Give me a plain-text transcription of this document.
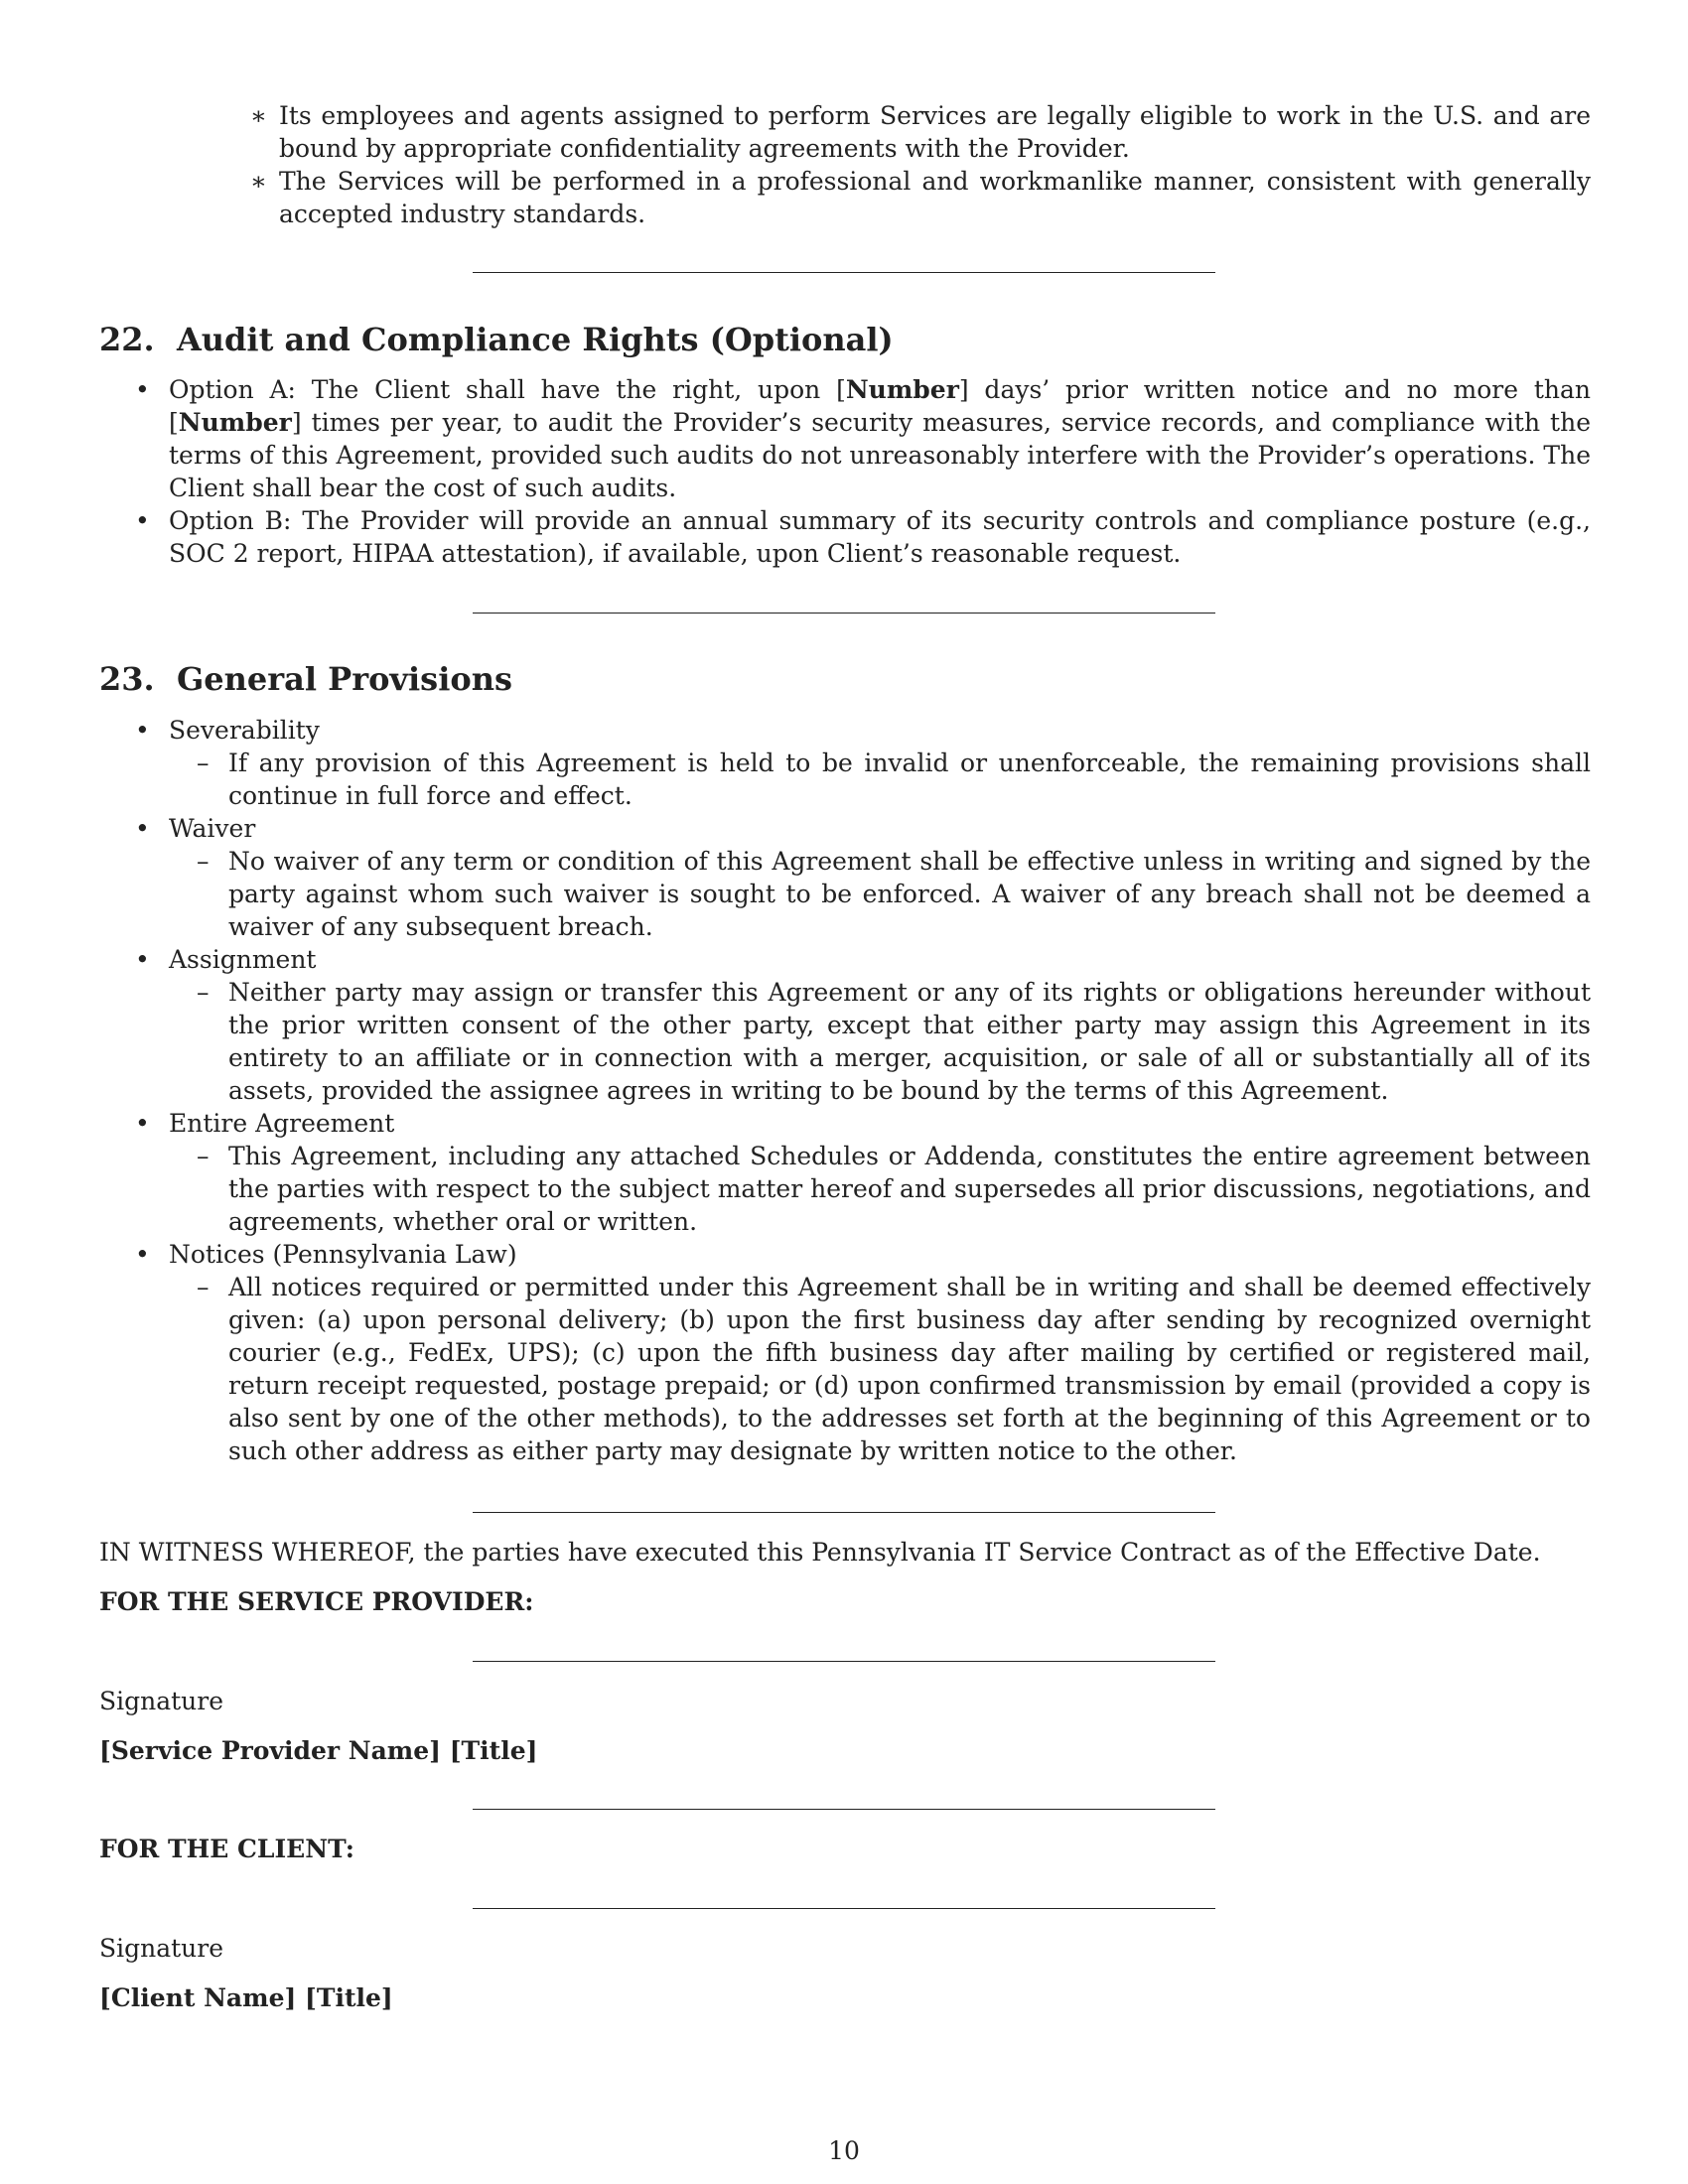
∗ Its employees and agents assigned to perform Services are legally eligible to work in the U.S. and are bound by appropriate confidentiality agreements with the Provider.
∗ The Services will be performed in a professional and workmanlike manner, consistent with generally accepted industry standards.
22. Audit and Compliance Rights (Optional)
• Option A: The Client shall have the right, upon [Number] days’ prior written notice and no more than [Number] times per year, to audit the Provider’s security measures, service records, and compliance with the terms of this Agreement, provided such audits do not unreasonably interfere with the Provider’s operations. The Client shall bear the cost of such audits.
• Option B: The Provider will provide an annual summary of its security controls and compliance posture (e.g., SOC 2 report, HIPAA attestation), if available, upon Client’s reasonable request.
23. General Provisions
• Severability
– If any provision of this Agreement is held to be invalid or unenforceable, the remaining provisions shall continue in full force and effect.
• Waiver
– No waiver of any term or condition of this Agreement shall be effective unless in writing and signed by the party against whom such waiver is sought to be enforced. A waiver of any breach shall not be deemed a waiver of any subsequent breach.
• Assignment
– Neither party may assign or transfer this Agreement or any of its rights or obligations hereunder without the prior written consent of the other party, except that either party may assign this Agreement in its entirety to an affiliate or in connection with a merger, acquisition, or sale of all or substantially all of its assets, provided the assignee agrees in writing to be bound by the terms of this Agreement.
• Entire Agreement
– This Agreement, including any attached Schedules or Addenda, constitutes the entire agreement between the parties with respect to the subject matter hereof and supersedes all prior discussions, negotiations, and agreements, whether oral or written.
• Notices (Pennsylvania Law)
– All notices required or permitted under this Agreement shall be in writing and shall be deemed effectively given: (a) upon personal delivery; (b) upon the first business day after sending by recognized overnight courier (e.g., FedEx, UPS); (c) upon the fifth business day after mailing by certified or registered mail, return receipt requested, postage prepaid; or (d) upon confirmed transmission by email (provided a copy is also sent by one of the other methods), to the addresses set forth at the beginning of this Agreement or to such other address as either party may designate by written notice to the other.

IN WITNESS WHEREOF, the parties have executed this Pennsylvania IT Service Contract as of the Effective Date.

FOR THE SERVICE PROVIDER:

Signature

[Service Provider Name] [Title]

FOR THE CLIENT:

Signature

[Client Name] [Title]

10
